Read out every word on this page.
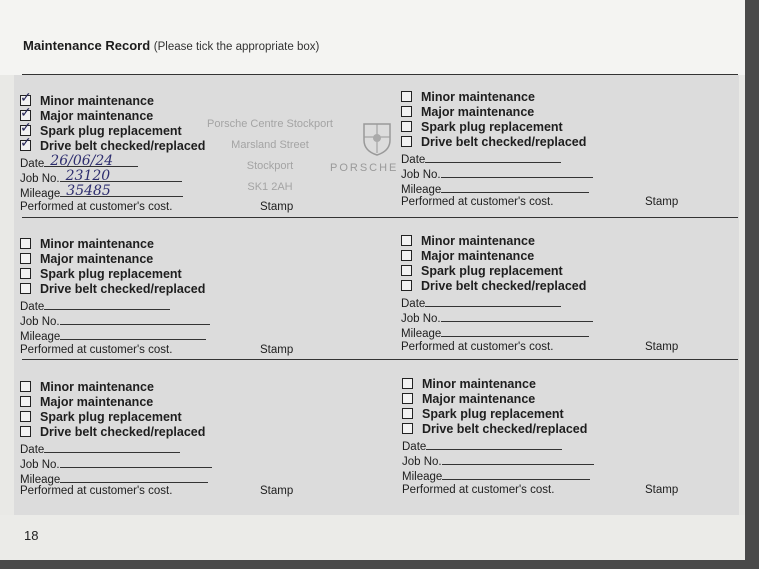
Maintenance Record (Please tick the appropriate box)
Porsche Centre Stockport
Marsland Street
Stockport
SK1 2AH
PORSCHE
✓ Minor maintenance
✓ Major maintenance
✓ Spark plug replacement
✓ Drive belt checked/replaced
Date 26/06/24
Job No. 23120
Mileage 35485
Performed at customer's cost.	Stamp
Minor maintenance
Major maintenance
Spark plug replacement
Drive belt checked/replaced
Date
Job No.
Mileage
Performed at customer's cost.	Stamp
Minor maintenance
Major maintenance
Spark plug replacement
Drive belt checked/replaced
Date
Job No.
Mileage
Performed at customer's cost.	Stamp
Minor maintenance
Major maintenance
Spark plug replacement
Drive belt checked/replaced
Date
Job No.
Mileage
Performed at customer's cost.	Stamp
Minor maintenance
Major maintenance
Spark plug replacement
Drive belt checked/replaced
Date
Job No.
Mileage
Performed at customer's cost.	Stamp
Minor maintenance
Major maintenance
Spark plug replacement
Drive belt checked/replaced
Date
Job No.
Mileage
Performed at customer's cost.	Stamp
18
